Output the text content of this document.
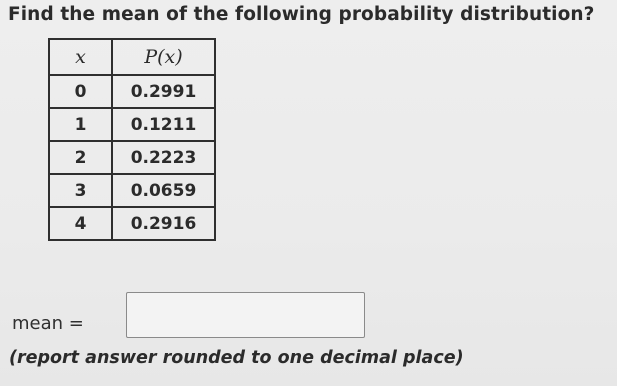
Find the mean of the following probability distribution?
x	P(x)
0	0.2991
1	0.1211
2	0.2223
3	0.0659
4	0.2916
mean =
(report answer rounded to one decimal place)
